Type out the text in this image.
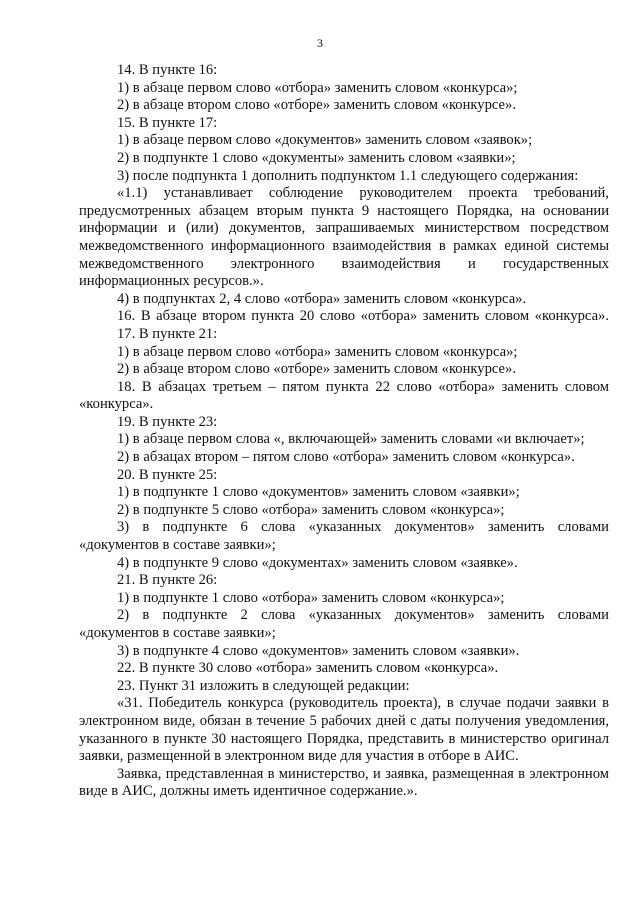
3

14. В пункте 16:

1) в абзаце первом слово «отбора» заменить словом «конкурса»;

2) в абзаце втором слово «отборе» заменить словом «конкурсе».

15. В пункте 17:

1) в абзаце первом слово «документов» заменить словом «заявок»;

2) в подпункте 1 слово «документы» заменить словом «заявки»;

3) после подпункта 1 дополнить подпунктом 1.1 следующего содержания:

«1.1) устанавливает соблюдение руководителем проекта требований, предусмотренных абзацем вторым пункта 9 настоящего Порядка, на основании информации и (или) документов, запрашиваемых министерством посредством межведомственного информационного взаимодействия в рамках единой системы межведомственного электронного взаимодействия и государственных информационных ресурсов.».

4) в подпунктах 2, 4 слово «отбора» заменить словом «конкурса».

16. В абзаце втором пункта 20 слово «отбора» заменить словом «конкурса».

17. В пункте 21:

1) в абзаце первом слово «отбора» заменить словом «конкурса»;

2) в абзаце втором слово «отборе» заменить словом «конкурсе».

18. В абзацах третьем – пятом пункта 22 слово «отбора» заменить словом «конкурса».

19. В пункте 23:

1) в абзаце первом слова «, включающей» заменить словами «и включает»;

2) в абзацах втором – пятом слово «отбора» заменить словом «конкурса».

20. В пункте 25:

1) в подпункте 1 слово «документов» заменить словом «заявки»;

2) в подпункте 5 слово «отбора» заменить словом «конкурса»;

3) в подпункте 6 слова «указанных документов» заменить словами «документов в составе заявки»;

4) в подпункте 9 слово «документах» заменить словом «заявке».

21. В пункте 26:

1) в подпункте 1 слово «отбора» заменить словом «конкурса»;

2) в подпункте 2 слова «указанных документов» заменить словами «документов в составе заявки»;

3) в подпункте 4 слово «документов» заменить словом «заявки».

22. В пункте 30 слово «отбора» заменить словом «конкурса».

23. Пункт 31 изложить в следующей редакции:

«31. Победитель конкурса (руководитель проекта), в случае подачи заявки в электронном виде, обязан в течение 5 рабочих дней с даты получения уведомления, указанного в пункте 30 настоящего Порядка, представить в министерство оригинал заявки, размещенной в электронном виде для участия в отборе в АИС.

Заявка, представленная в министерство, и заявка, размещенная в электронном виде в АИС, должны иметь идентичное содержание.».
